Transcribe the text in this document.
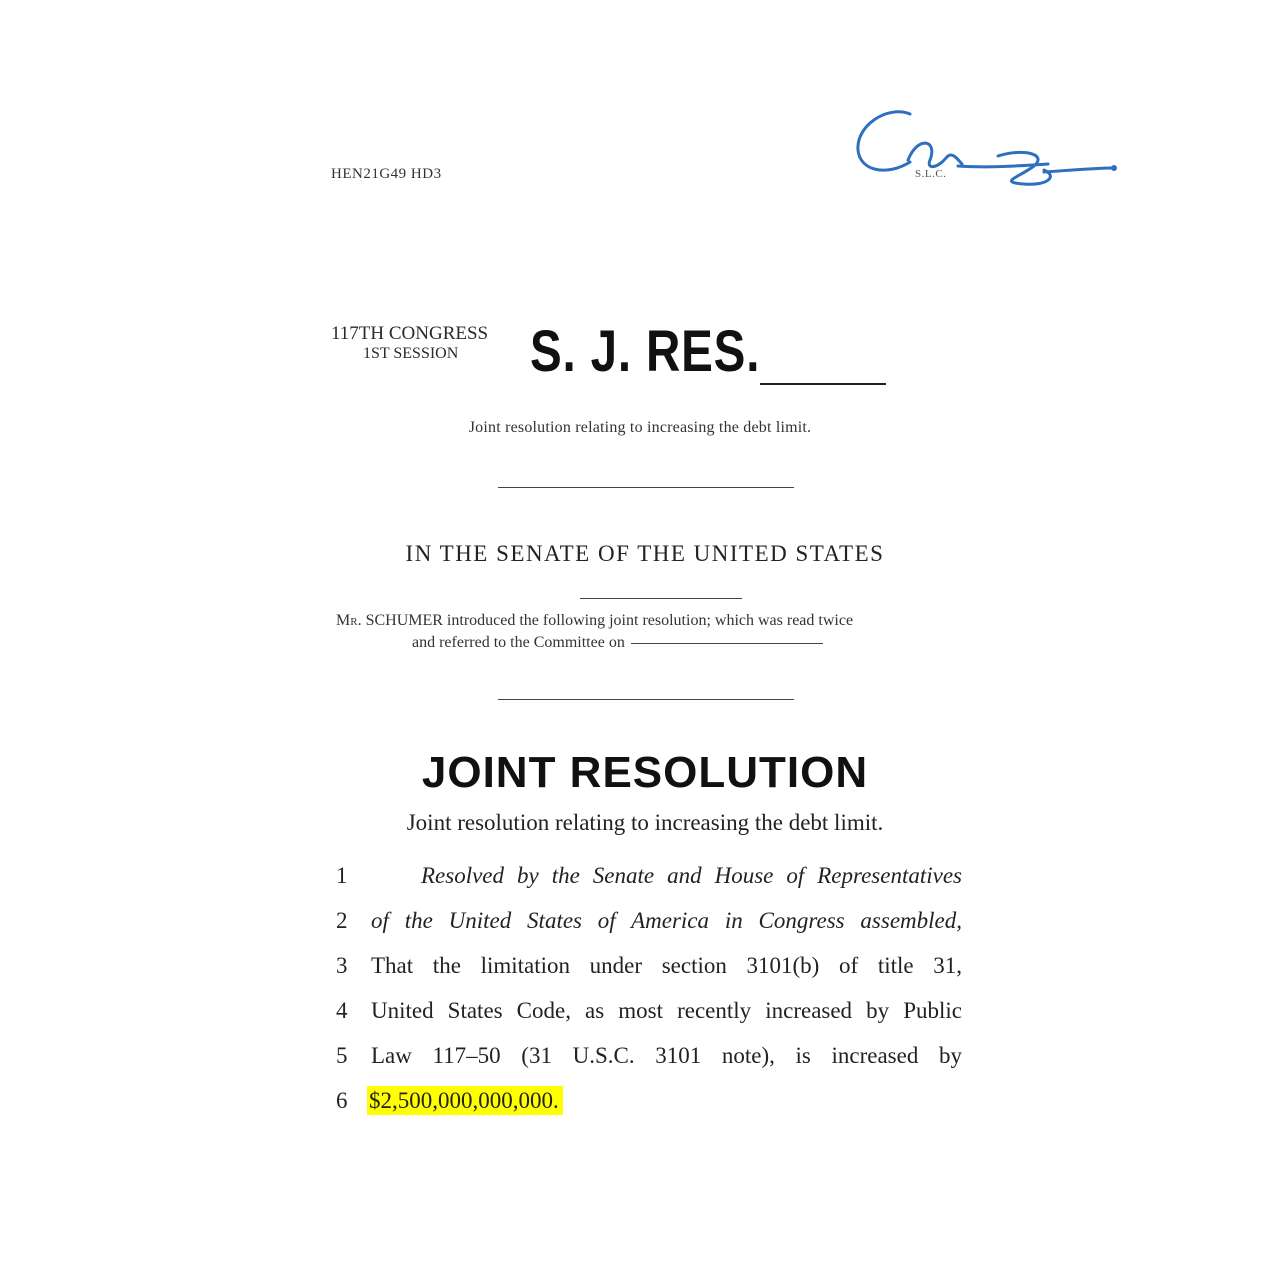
HEN21G49 HD3	S.L.C.
117TH CONGRESS
1ST SESSION	S. J. RES.
Joint resolution relating to increasing the debt limit.
IN THE SENATE OF THE UNITED STATES
Mr. SCHUMER introduced the following joint resolution; which was read twice
and referred to the Committee on
JOINT RESOLUTION
Joint resolution relating to increasing the debt limit.
1	Resolved by the Senate and House of Representatives
2	of the United States of America in Congress assembled,
3	That the limitation under section 3101(b) of title 31,
4	United States Code, as most recently increased by Public
5	Law 117–50 (31 U.S.C. 3101 note), is increased by
6 $2,500,000,000,000.
